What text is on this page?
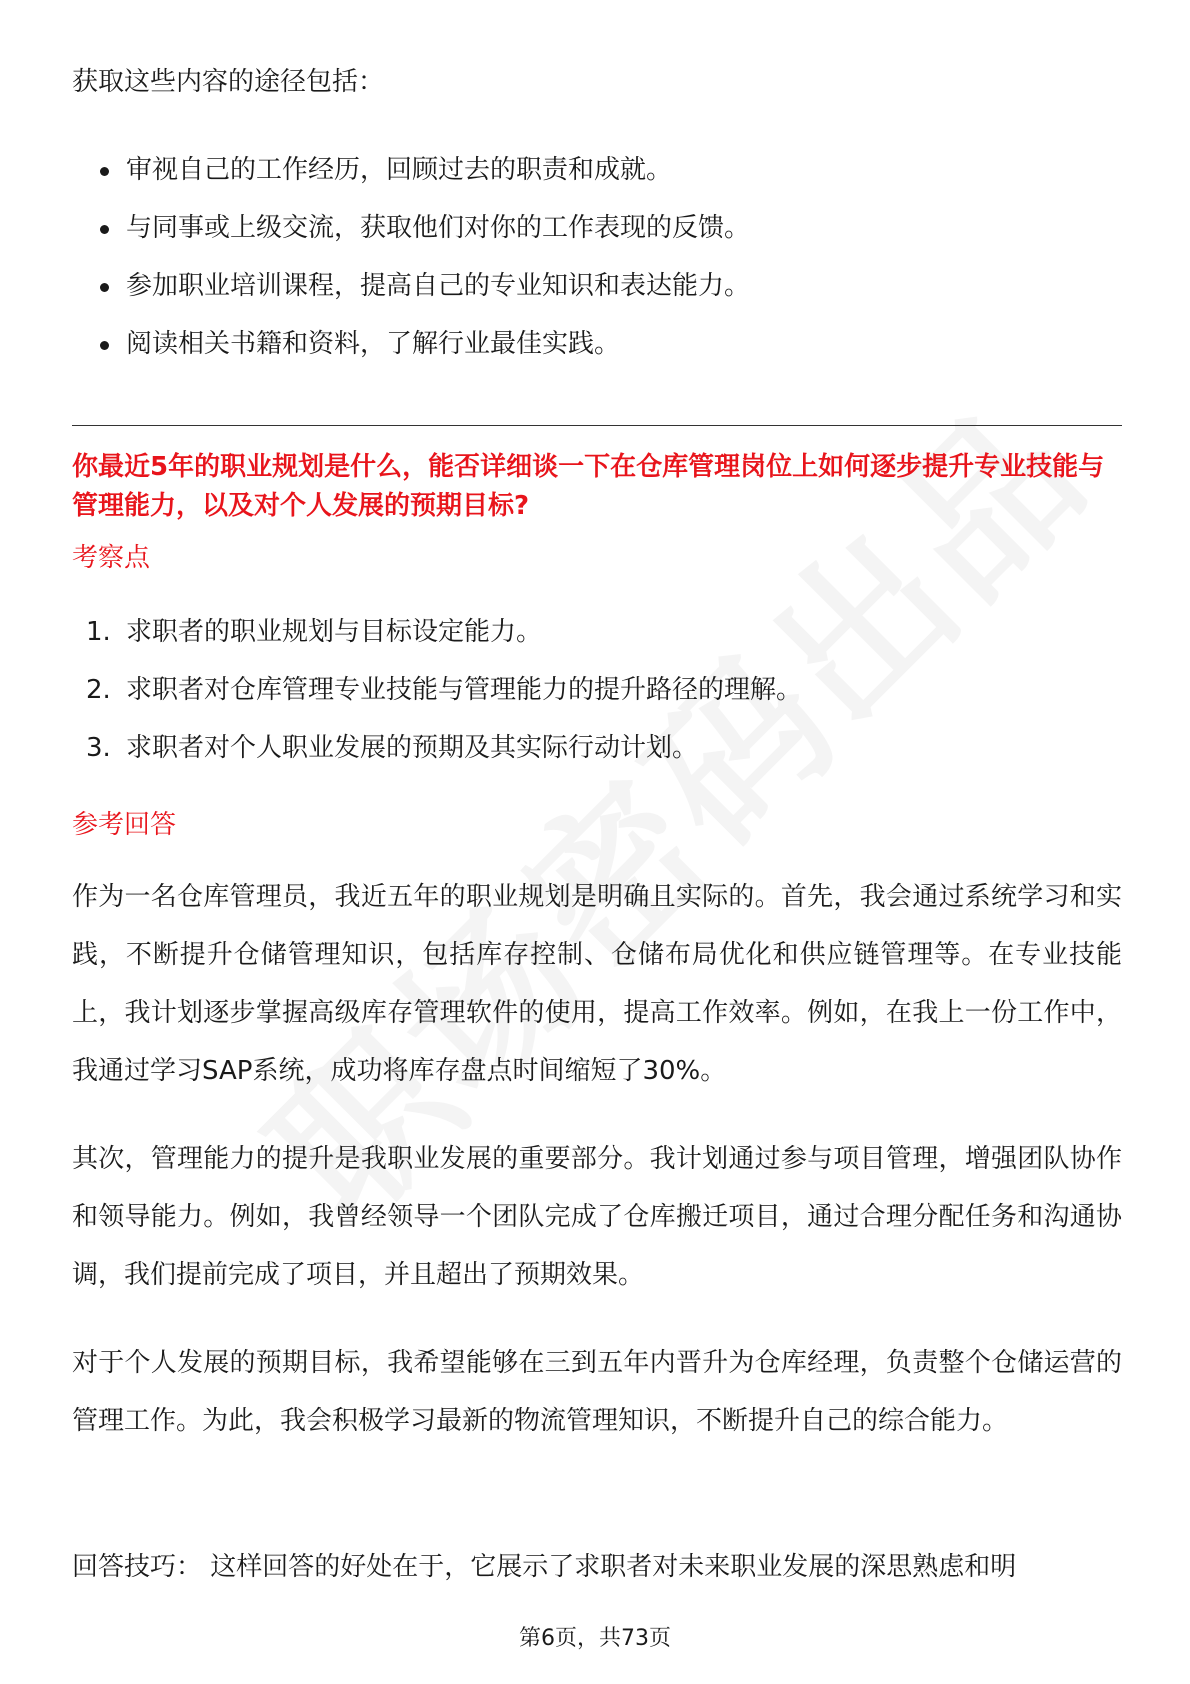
获取这些内容的途径包括：

审视自己的工作经历，回顾过去的职责和成就。
与同事或上级交流，获取他们对你的工作表现的反馈。
参加职业培训课程，提高自己的专业知识和表达能力。
阅读相关书籍和资料，了解行业最佳实践。

你最近5年的职业规划是什么，能否详细谈一下在仓库管理岗位上如何逐步提升专业技能与管理能力，以及对个人发展的预期目标?

考察点
1. 求职者的职业规划与目标设定能力。
2. 求职者对仓库管理专业技能与管理能力的提升路径的理解。
3. 求职者对个人职业发展的预期及其实际行动计划。
参考回答

作为一名仓库管理员，我近五年的职业规划是明确且实际的。首先，我会通过系统学习和实践，不断提升仓储管理知识，包括库存控制、仓储布局优化和供应链管理等。在专业技能上，我计划逐步掌握高级库存管理软件的使用，提高工作效率。例如，在我上一份工作中，我通过学习SAP系统，成功将库存盘点时间缩短了30%。

其次，管理能力的提升是我职业发展的重要部分。我计划通过参与项目管理，增强团队协作和领导能力。例如，我曾经领导一个团队完成了仓库搬迁项目，通过合理分配任务和沟通协调，我们提前完成了项目，并且超出了预期效果。

对于个人发展的预期目标，我希望能够在三到五年内晋升为仓库经理，负责整个仓储运营的管理工作。为此，我会积极学习最新的物流管理知识，不断提升自己的综合能力。

回答技巧： 这样回答的好处在于，它展示了求职者对未来职业发展的深思熟虑和明

第6页，共73页
